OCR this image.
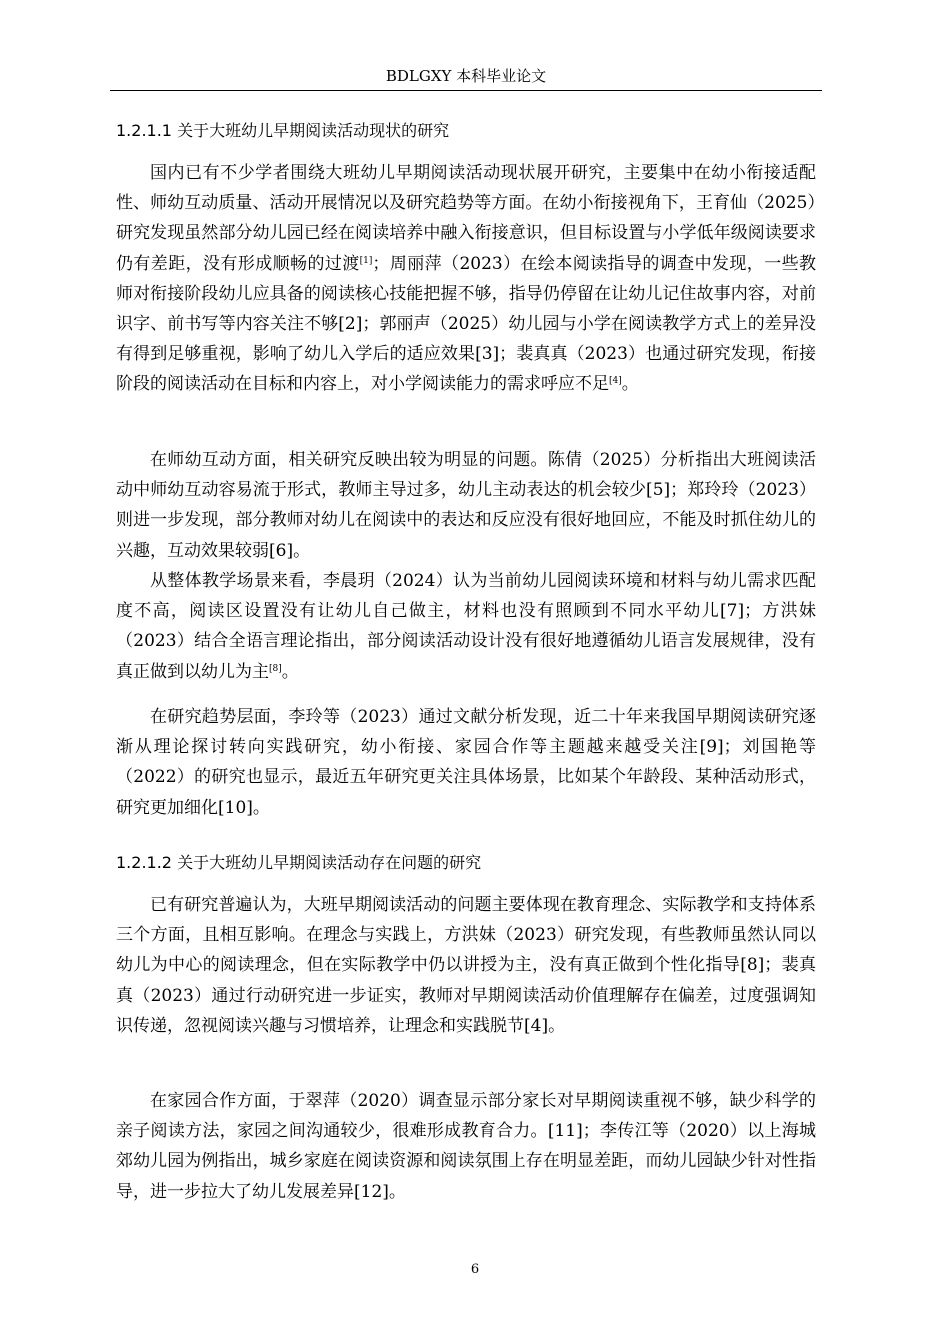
BDLGXY 本科毕业论文
1.2.1.1 关于大班幼儿早期阅读活动现状的研究

国内已有不少学者围绕大班幼儿早期阅读活动现状展开研究，主要集中在幼小衔接适配性、师幼互动质量、活动开展情况以及研究趋势等方面。在幼小衔接视角下，王育仙（2025）研究发现虽然部分幼儿园已经在阅读培养中融入衔接意识，但目标设置与小学低年级阅读要求仍有差距，没有形成顺畅的过渡[1]；周丽萍（2023）在绘本阅读指导的调查中发现，一些教师对衔接阶段幼儿应具备的阅读核心技能把握不够，指导仍停留在让幼儿记住故事内容，对前识字、前书写等内容关注不够[2]；郭丽声（2025）幼儿园与小学在阅读教学方式上的差异没有得到足够重视，影响了幼儿入学后的适应效果[3]；裴真真（2023）也通过研究发现，衔接阶段的阅读活动在目标和内容上，对小学阅读能力的需求呼应不足[4]。

在师幼互动方面，相关研究反映出较为明显的问题。陈倩（2025）分析指出大班阅读活动中师幼互动容易流于形式，教师主导过多，幼儿主动表达的机会较少[5]；郑玲玲（2023）则进一步发现，部分教师对幼儿在阅读中的表达和反应没有很好地回应，不能及时抓住幼儿的兴趣，互动效果较弱[6]。

从整体教学场景来看，李晨玥（2024）认为当前幼儿园阅读环境和材料与幼儿需求匹配度不高，阅读区设置没有让幼儿自己做主，材料也没有照顾到不同水平幼儿[7]；方洪妹（2023）结合全语言理论指出，部分阅读活动设计没有很好地遵循幼儿语言发展规律，没有真正做到以幼儿为主[8]。

在研究趋势层面，李玲等（2023）通过文献分析发现，近二十年来我国早期阅读研究逐渐从理论探讨转向实践研究，幼小衔接、家园合作等主题越来越受关注[9]；刘国艳等（2022）的研究也显示，最近五年研究更关注具体场景，比如某个年龄段、某种活动形式，研究更加细化[10]。

1.2.1.2 关于大班幼儿早期阅读活动存在问题的研究

已有研究普遍认为，大班早期阅读活动的问题主要体现在教育理念、实际教学和支持体系三个方面，且相互影响。在理念与实践上，方洪妹（2023）研究发现，有些教师虽然认同以幼儿为中心的阅读理念，但在实际教学中仍以讲授为主，没有真正做到个性化指导[8]；裴真真（2023）通过行动研究进一步证实，教师对早期阅读活动价值理解存在偏差，过度强调知识传递，忽视阅读兴趣与习惯培养，让理念和实践脱节[4]。

在家园合作方面，于翠萍（2020）调查显示部分家长对早期阅读重视不够，缺少科学的亲子阅读方法，家园之间沟通较少，很难形成教育合力。[11]；李传江等（2020）以上海城郊幼儿园为例指出，城乡家庭在阅读资源和阅读氛围上存在明显差距，而幼儿园缺少针对性指导，进一步拉大了幼儿发展差异[12]。

6
